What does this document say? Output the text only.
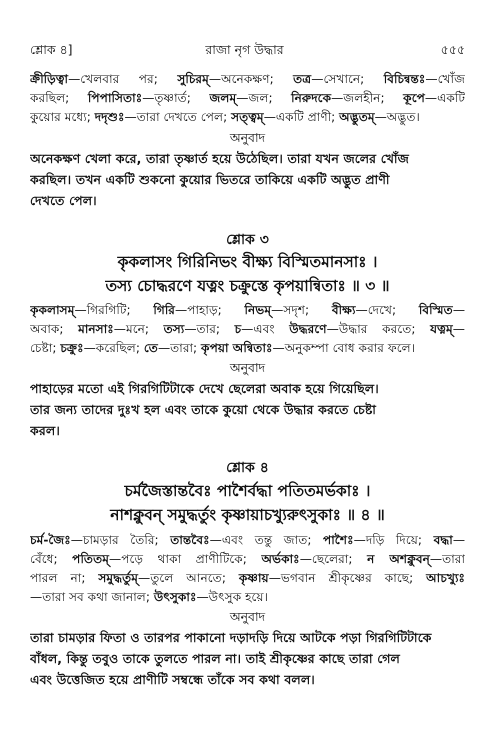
শ্লোক ৪]	রাজা নৃগ উদ্ধার	৫৫৫
ক্রীড়িত্বা—খেলবার পর; সুচিরম্—অনেকক্ষণ; তত্র—সেখানে; বিচিন্বন্তঃ—খোঁজ
করছিল; পিপাসিতাঃ—তৃষ্ণার্ত; জলম্—জল; নিরুদকে—জলহীন; কূপে—একটি
কুয়োর মধ্যে; দদৃশুঃ—তারা দেখতে পেল; সত্ত্বম্—একটি প্রাণী; অদ্ভুতম্—অদ্ভুত।
অনুবাদ
অনেকক্ষণ খেলা করে, তারা তৃষ্ণার্ত হয়ে উঠেছিল। তারা যখন জলের খোঁজ
করছিল। তখন একটি শুকনো কুয়োর ভিতরে তাকিয়ে একটি অদ্ভুত প্রাণী
দেখতে পেল।
শ্লোক ৩
কৃকলাসং গিরিনিভং বীক্ষ্য বিস্মিতমানসাঃ ।
তস্য চোদ্ধরণে যত্নং চক্রুস্তে কৃপয়ান্বিতাঃ ॥ ৩ ॥
কৃকলাসম্—গিরগিটি; গিরি—পাহাড়; নিভম্—সদৃশ; বীক্ষ্য—দেখে; বিস্মিত—
অবাক; মানসাঃ—মনে; তস্য—তার; চ—এবং উদ্ধরণে—উদ্ধার করতে; যত্নম্—
চেষ্টা; চক্রুঃ—করেছিল; তে—তারা; কৃপয়া অন্বিতাঃ—অনুকম্পা বোধ করার ফলে।
অনুবাদ
পাহাড়ের মতো এই গিরগিটিটাকে দেখে ছেলেরা অবাক হয়ে গিয়েছিল।
তার জন্য তাদের দুঃখ হল এবং তাকে কুয়ো থেকে উদ্ধার করতে চেষ্টা
করল।
শ্লোক ৪
চর্মজৈস্তান্তবৈঃ পাশৈর্বদ্ধা পতিতমর্ভকাঃ ।
নাশক্নুবন্ সমুদ্ধর্তুং কৃষ্ণায়াচখ্যুরুৎসুকাঃ ॥ ৪ ॥
চর্ম-জৈঃ—চামড়ার তৈরি; তান্তবৈঃ—এবং তন্তু জাত; পাশৈঃ—দড়ি দিয়ে; বদ্ধা—
বেঁধে; পতিতম্—পড়ে থাকা প্রাণীটিকে; অর্ভকাঃ—ছেলেরা; ন অশক্নুবন্—তারা
পারল না; সমুদ্ধর্তুম্—তুলে আনতে; কৃষ্ণায়—ভগবান শ্রীকৃষ্ণের কাছে; আচখ্যুঃ
—তারা সব কথা জানাল; উৎসুকাঃ—উৎসুক হয়ে।
অনুবাদ
তারা চামড়ার ফিতা ও তারপর পাকানো দড়াদড়ি দিয়ে আটকে পড়া গিরগিটিটাকে
বাঁধল, কিন্তু তবুও তাকে তুলতে পারল না। তাই শ্রীকৃষ্ণের কাছে তারা গেল
এবং উত্তেজিত হয়ে প্রাণীটি সম্বন্ধে তাঁকে সব কথা বলল।
